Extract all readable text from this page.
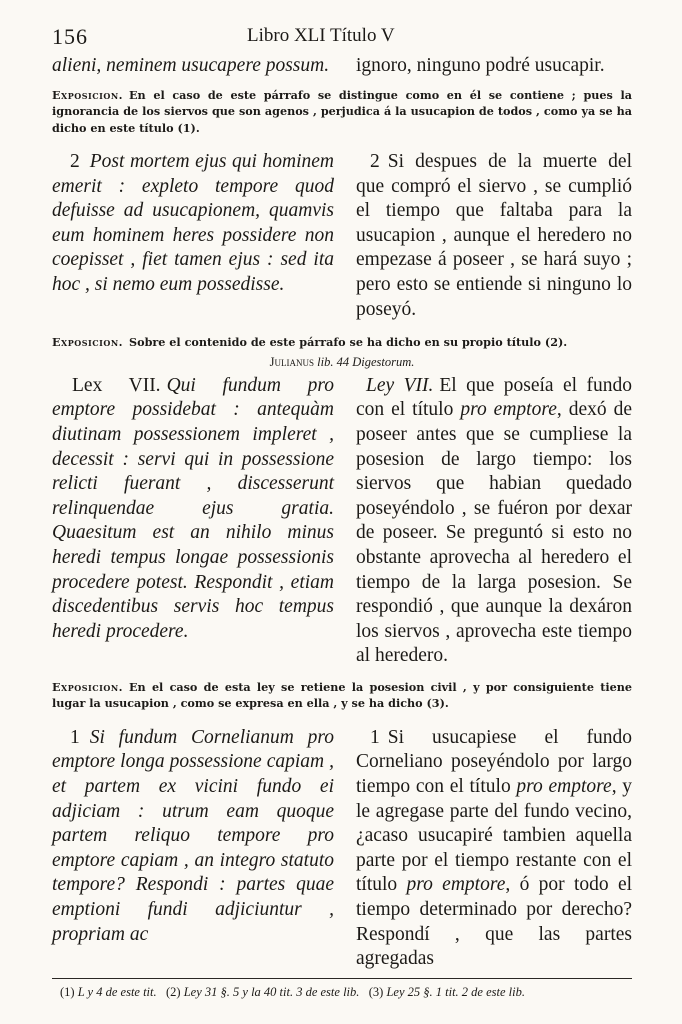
156	Libro XLI Título V
alieni, neminem usucapere possum. ignoro, ninguno podré usucapir.
Exposicion. En el caso de este párrafo se distingue como en él se contiene ; pues la ignorancia de los siervos que son agenos , perjudica á la usucapion de todos , como ya se ha dicho en este título (1).
2 Post mortem ejus qui hominem emerit : expleto tempore quod defuisse ad usucapionem, quamvis eum hominem heres possidere non coepisset , fiet tamen ejus : sed ita hoc , si nemo eum possedisse.
2 Si despues de la muerte del que compró el siervo , se cumplió el tiempo que faltaba para la usucapion , aunque el heredero no empezase á poseer , se hará suyo ; pero esto se entiende si ninguno lo poseyó.
Exposicion. Sobre el contenido de este párrafo se ha dicho en su propio título (2).
Julianus lib. 44 Digestorum.
Lex VII. Qui fundum pro emptore possidebat : antequàm diutinam possessionem impleret , decessit : servi qui in possessione relicti fuerant , discesserunt relinquendae ejus gratia. Quaesitum est an nihilo minus heredi tempus longae possessionis procedere potest. Respondit , etiam discedentibus servis hoc tempus heredi procedere.
Ley VII. El que poseía el fundo con el título pro emptore, dexó de poseer antes que se cumpliese la posesion de largo tiempo: los siervos que habian quedado poseyéndolo , se fuéron por dexar de poseer. Se preguntó si esto no obstante aprovecha al heredero el tiempo de la larga posesion. Se respondió , que aunque la dexáron los siervos , aprovecha este tiempo al heredero.
Exposicion. En el caso de esta ley se retiene la posesion civil , y por consiguiente tiene lugar la usucapion , como se expresa en ella , y se ha dicho (3).
1 Si fundum Cornelianum pro emptore longa possessione capiam , et partem ex vicini fundo ei adjiciam : utrum eam quoque partem reliquo tempore pro emptore capiam , an integro statuto tempore? Respondi : partes quae emptioni fundi adjiciuntur , propriam ac
1 Si usucapiese el fundo Corneliano poseyéndolo por largo tiempo con el título pro emptore, y le agregase parte del fundo vecino, ¿acaso usucapiré tambien aquella parte por el tiempo restante con el título pro emptore, ó por todo el tiempo determinado por derecho? Respondí , que las partes agregadas
(1) L y 4 de este tit. (2) Ley 31 §. 5 y la 40 tit. 3 de este lib. (3) Ley 25 §. 1 tit. 2 de este lib.
